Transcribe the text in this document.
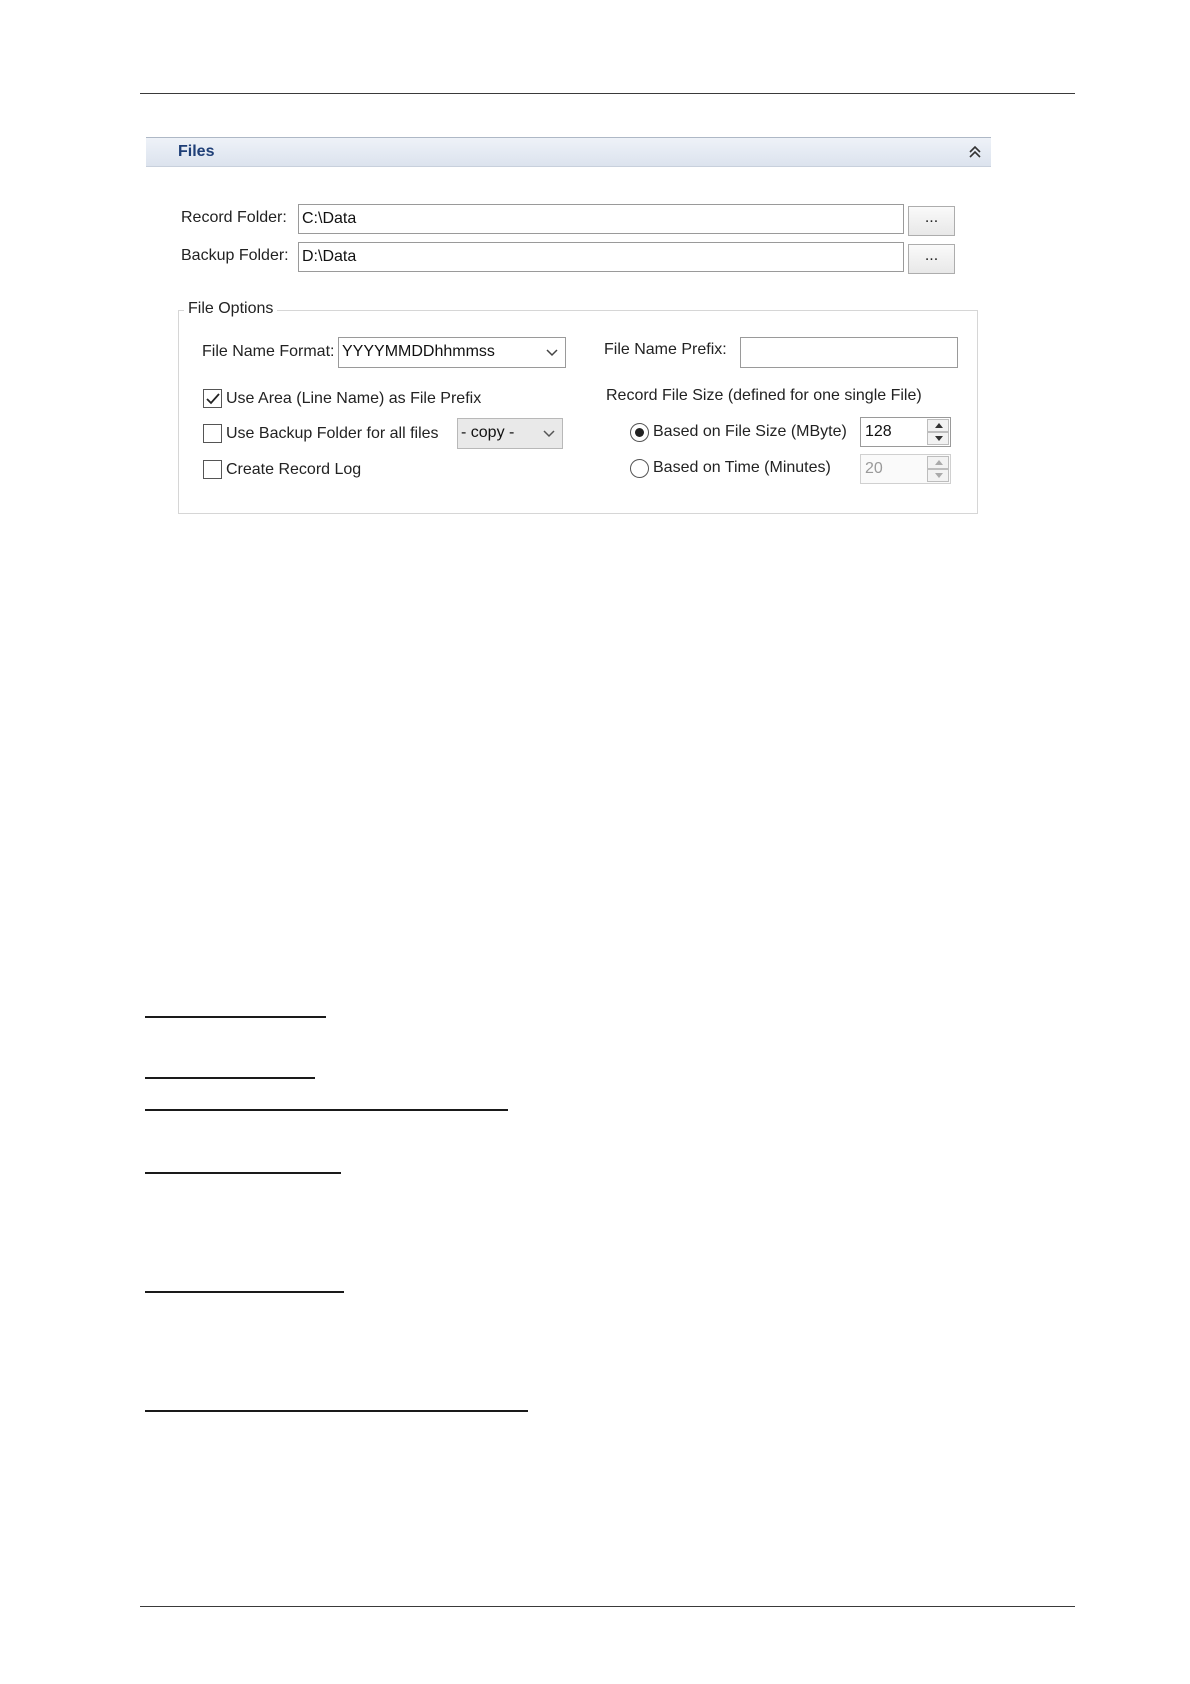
Files
Record Folder: C:\Data	...
Backup Folder: D:\Data	...
File Options
File Name Format: YYYYMMDDhhmmss	File Name Prefix:
Use Area (Line Name) as File Prefix
Use Backup Folder for all files - copy -
Create Record Log
Record File Size (defined for one single File)
Based on File Size (MByte)	128
Based on Time (Minutes)	20
